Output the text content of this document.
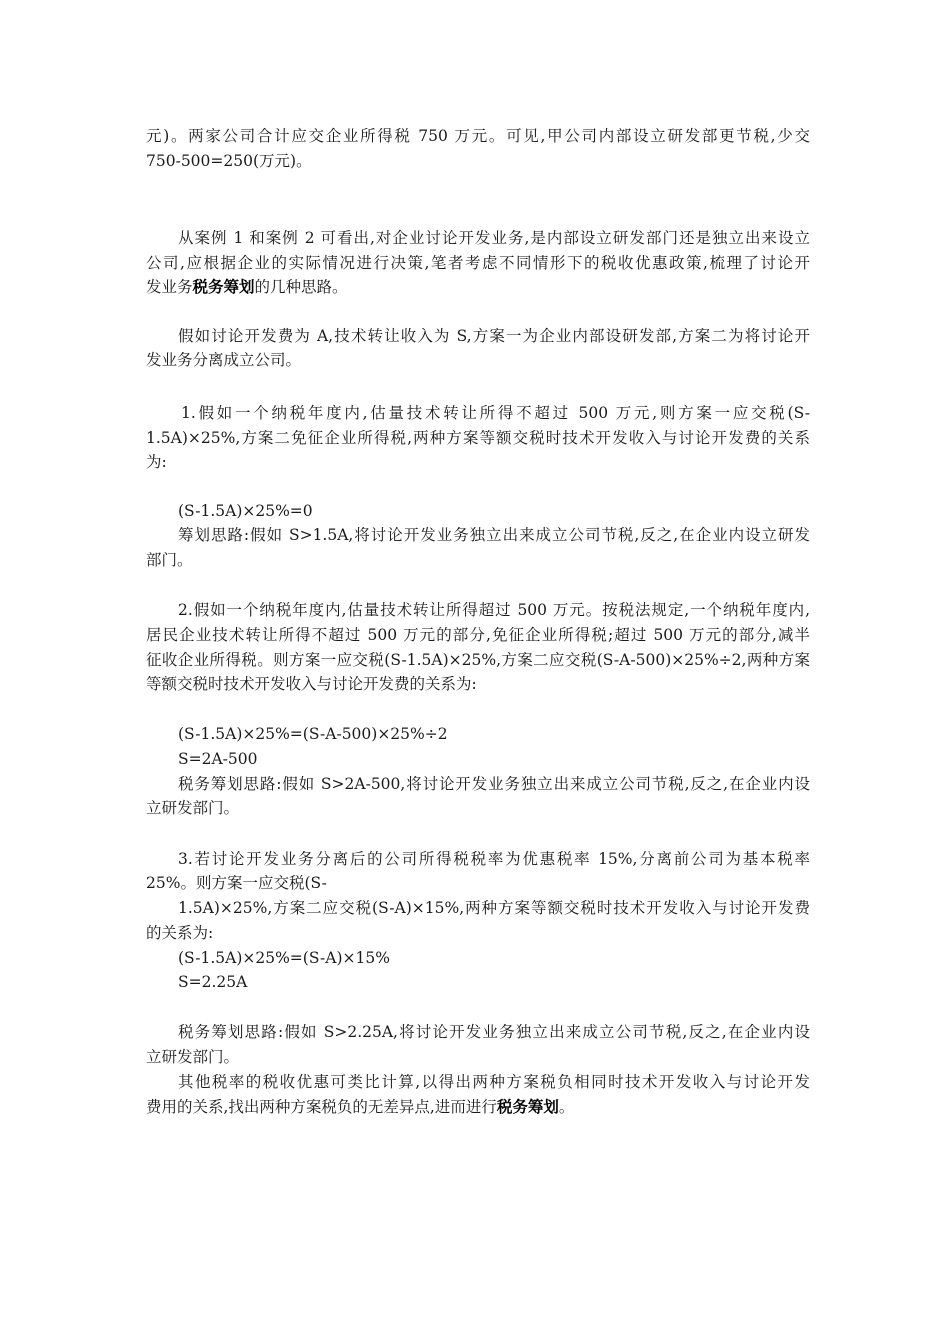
元)。两家公司合计应交企业所得税 750 万元。可见,甲公司内部设立研发部更节税,少交
750-500=250(万元)。
从案例 1 和案例 2 可看出,对企业讨论开发业务,是内部设立研发部门还是独立出来设立
公司,应根据企业的实际情况进行决策,笔者考虑不同情形下的税收优惠政策,梳理了讨论开
发业务税务筹划的几种思路。
假如讨论开发费为 A,技术转让收入为 S,方案一为企业内部设研发部,方案二为将讨论开
发业务分离成立公司。
1.假如一个纳税年度内,估量技术转让所得不超过 500 万元,则方案一应交税(S-
1.5A)×25%,方案二免征企业所得税,两种方案等额交税时技术开发收入与讨论开发费的关系
为:
(S-1.5A)×25%=0
筹划思路:假如 S>1.5A,将讨论开发业务独立出来成立公司节税,反之,在企业内设立研发
部门。
2.假如一个纳税年度内,估量技术转让所得超过 500 万元。按税法规定,一个纳税年度内,
居民企业技术转让所得不超过 500 万元的部分,免征企业所得税;超过 500 万元的部分,减半
征收企业所得税。则方案一应交税(S-1.5A)×25%,方案二应交税(S-A-500)×25%÷2,两种方案
等额交税时技术开发收入与讨论开发费的关系为:
(S-1.5A)×25%=(S-A-500)×25%÷2
S=2A-500
税务筹划思路:假如 S>2A-500,将讨论开发业务独立出来成立公司节税,反之,在企业内设
立研发部门。
3.若讨论开发业务分离后的公司所得税税率为优惠税率 15%,分离前公司为基本税率
25%。则方案一应交税(S-
1.5A)×25%,方案二应交税(S-A)×15%,两种方案等额交税时技术开发收入与讨论开发费
的关系为:
(S-1.5A)×25%=(S-A)×15%
S=2.25A
税务筹划思路:假如 S>2.25A,将讨论开发业务独立出来成立公司节税,反之,在企业内设
立研发部门。
其他税率的税收优惠可类比计算,以得出两种方案税负相同时技术开发收入与讨论开发
费用的关系,找出两种方案税负的无差异点,进而进行税务筹划。
